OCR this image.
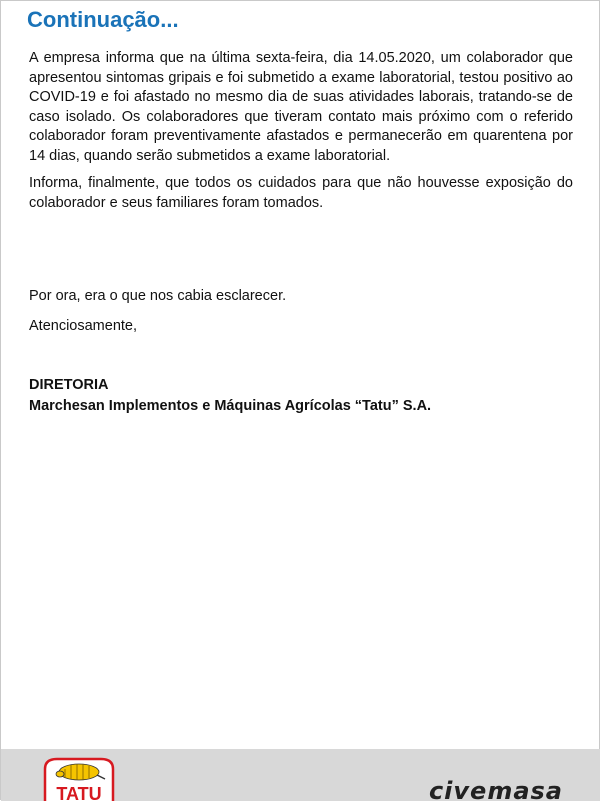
Continuação...

A empresa informa que na última sexta-feira, dia 14.05.2020, um colaborador que apresentou sintomas gripais e foi submetido a exame laboratorial, testou positivo ao COVID-19 e foi afastado no mesmo dia de suas atividades laborais, tratando-se de caso isolado. Os colaboradores que tiveram contato mais próximo com o referido colaborador foram preventivamente afastados e permanecerão em quarentena por 14 dias, quando serão submetidos a exame laboratorial.

Informa, finalmente, que todos os cuidados para que não houvesse exposição do colaborador e seus familiares foram tomados.

Por ora, era o que nos cabia esclarecer.

Atenciosamente,

DIRETORIA

Marchesan Implementos e Máquinas Agrícolas “Tatu” S.A.

TATU	civemasa
